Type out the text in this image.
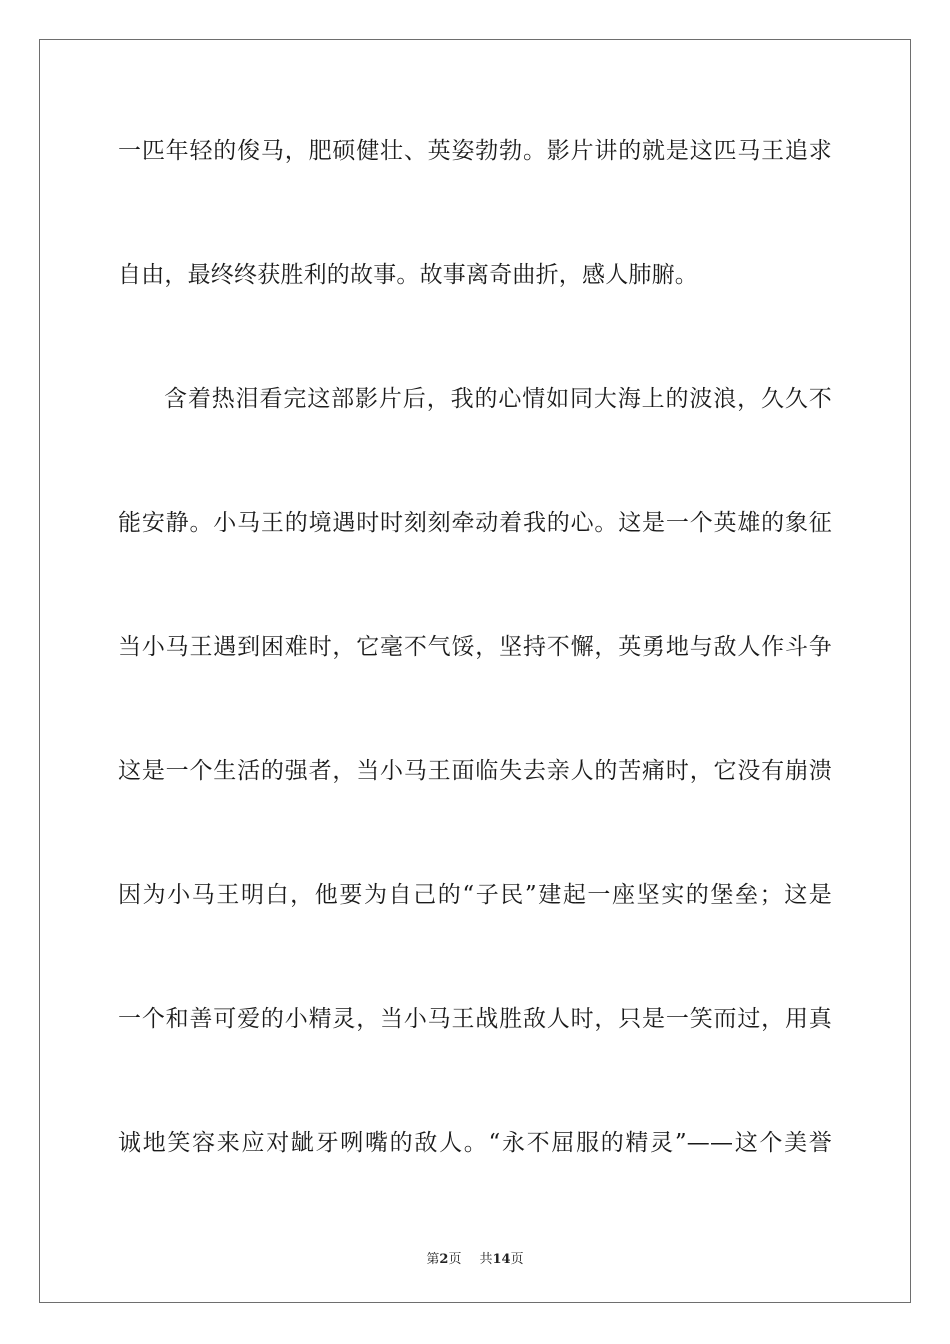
一匹年轻的俊马，肥硕健壮、英姿勃勃。影片讲的就是这匹马王追求
自由，最终终获胜利的故事。故事离奇曲折，感人肺腑。
含着热泪看完这部影片后，我的心情如同大海上的波浪，久久不
能安静。小马王的境遇时时刻刻牵动着我的心。这是一个英雄的象征
当小马王遇到困难时，它毫不气馁，坚持不懈，英勇地与敌人作斗争
这是一个生活的强者，当小马王面临失去亲人的苦痛时，它没有崩溃
因为小马王明白，他要为自己的“子民”建起一座坚实的堡垒；这是
一个和善可爱的小精灵，当小马王战胜敌人时，只是一笑而过，用真
诚地笑容来应对龇牙咧嘴的敌人。“永不屈服的精灵”——这个美誉
第2页 共14页
